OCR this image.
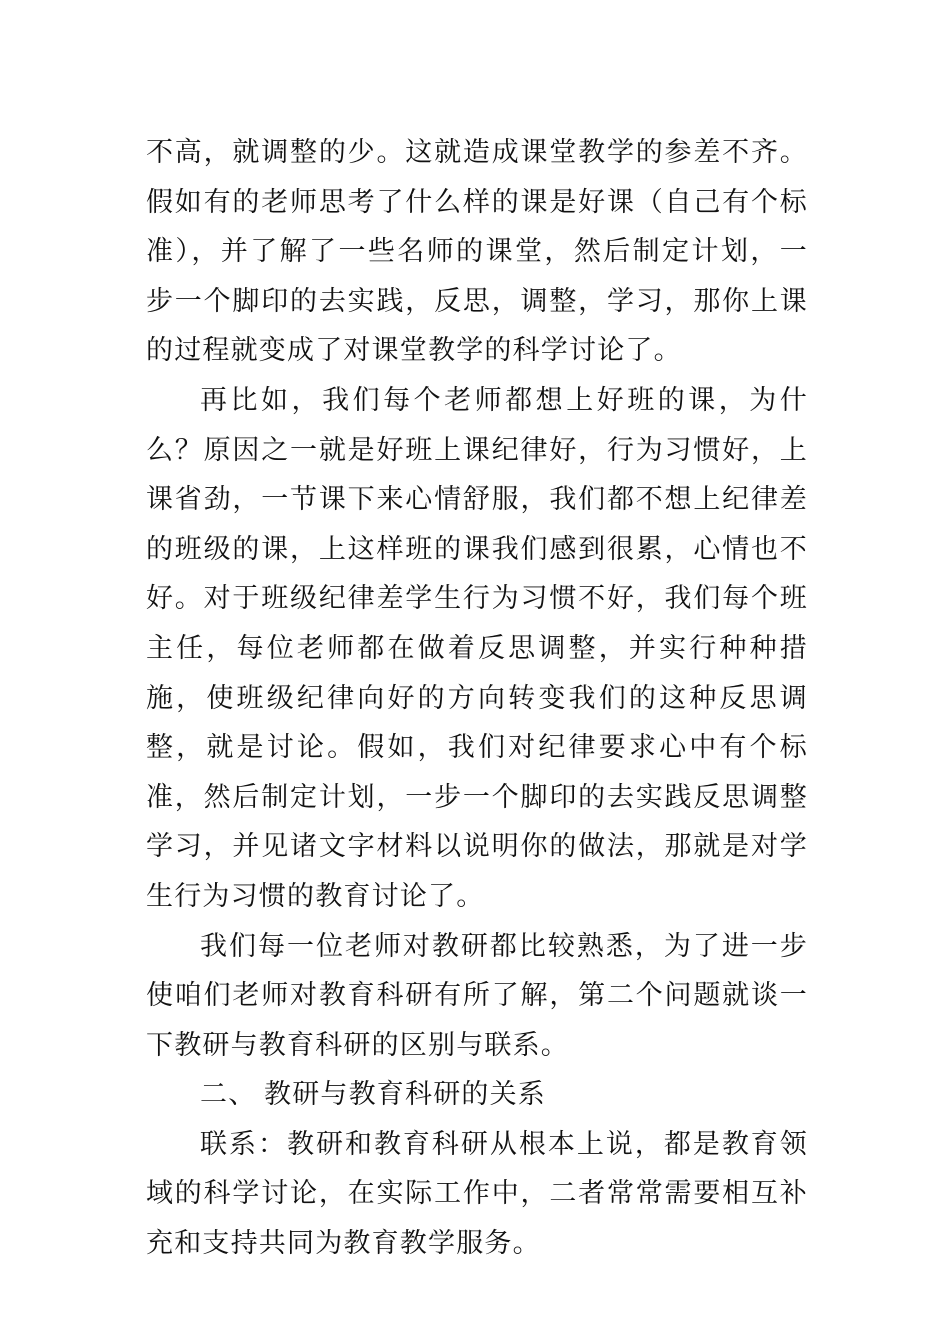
不高，就调整的少。这就造成课堂教学的参差不齐。假如有的老师思考了什么样的课是好课（自己有个标准），并了解了一些名师的课堂，然后制定计划，一步一个脚印的去实践，反思，调整，学习，那你上课的过程就变成了对课堂教学的科学讨论了。

再比如，我们每个老师都想上好班的课，为什么？原因之一就是好班上课纪律好，行为习惯好，上课省劲，一节课下来心情舒服，我们都不想上纪律差的班级的课，上这样班的课我们感到很累，心情也不好。对于班级纪律差学生行为习惯不好，我们每个班主任，每位老师都在做着反思调整，并实行种种措施，使班级纪律向好的方向转变我们的这种反思调整，就是讨论。假如，我们对纪律要求心中有个标准，然后制定计划，一步一个脚印的去实践反思调整学习，并见诸文字材料以说明你的做法，那就是对学生行为习惯的教育讨论了。

我们每一位老师对教研都比较熟悉，为了进一步使咱们老师对教育科研有所了解，第二个问题就谈一下教研与教育科研的区别与联系。

二、 教研与教育科研的关系

联系：教研和教育科研从根本上说，都是教育领域的科学讨论，在实际工作中，二者常常需要相互补充和支持共同为教育教学服务。
